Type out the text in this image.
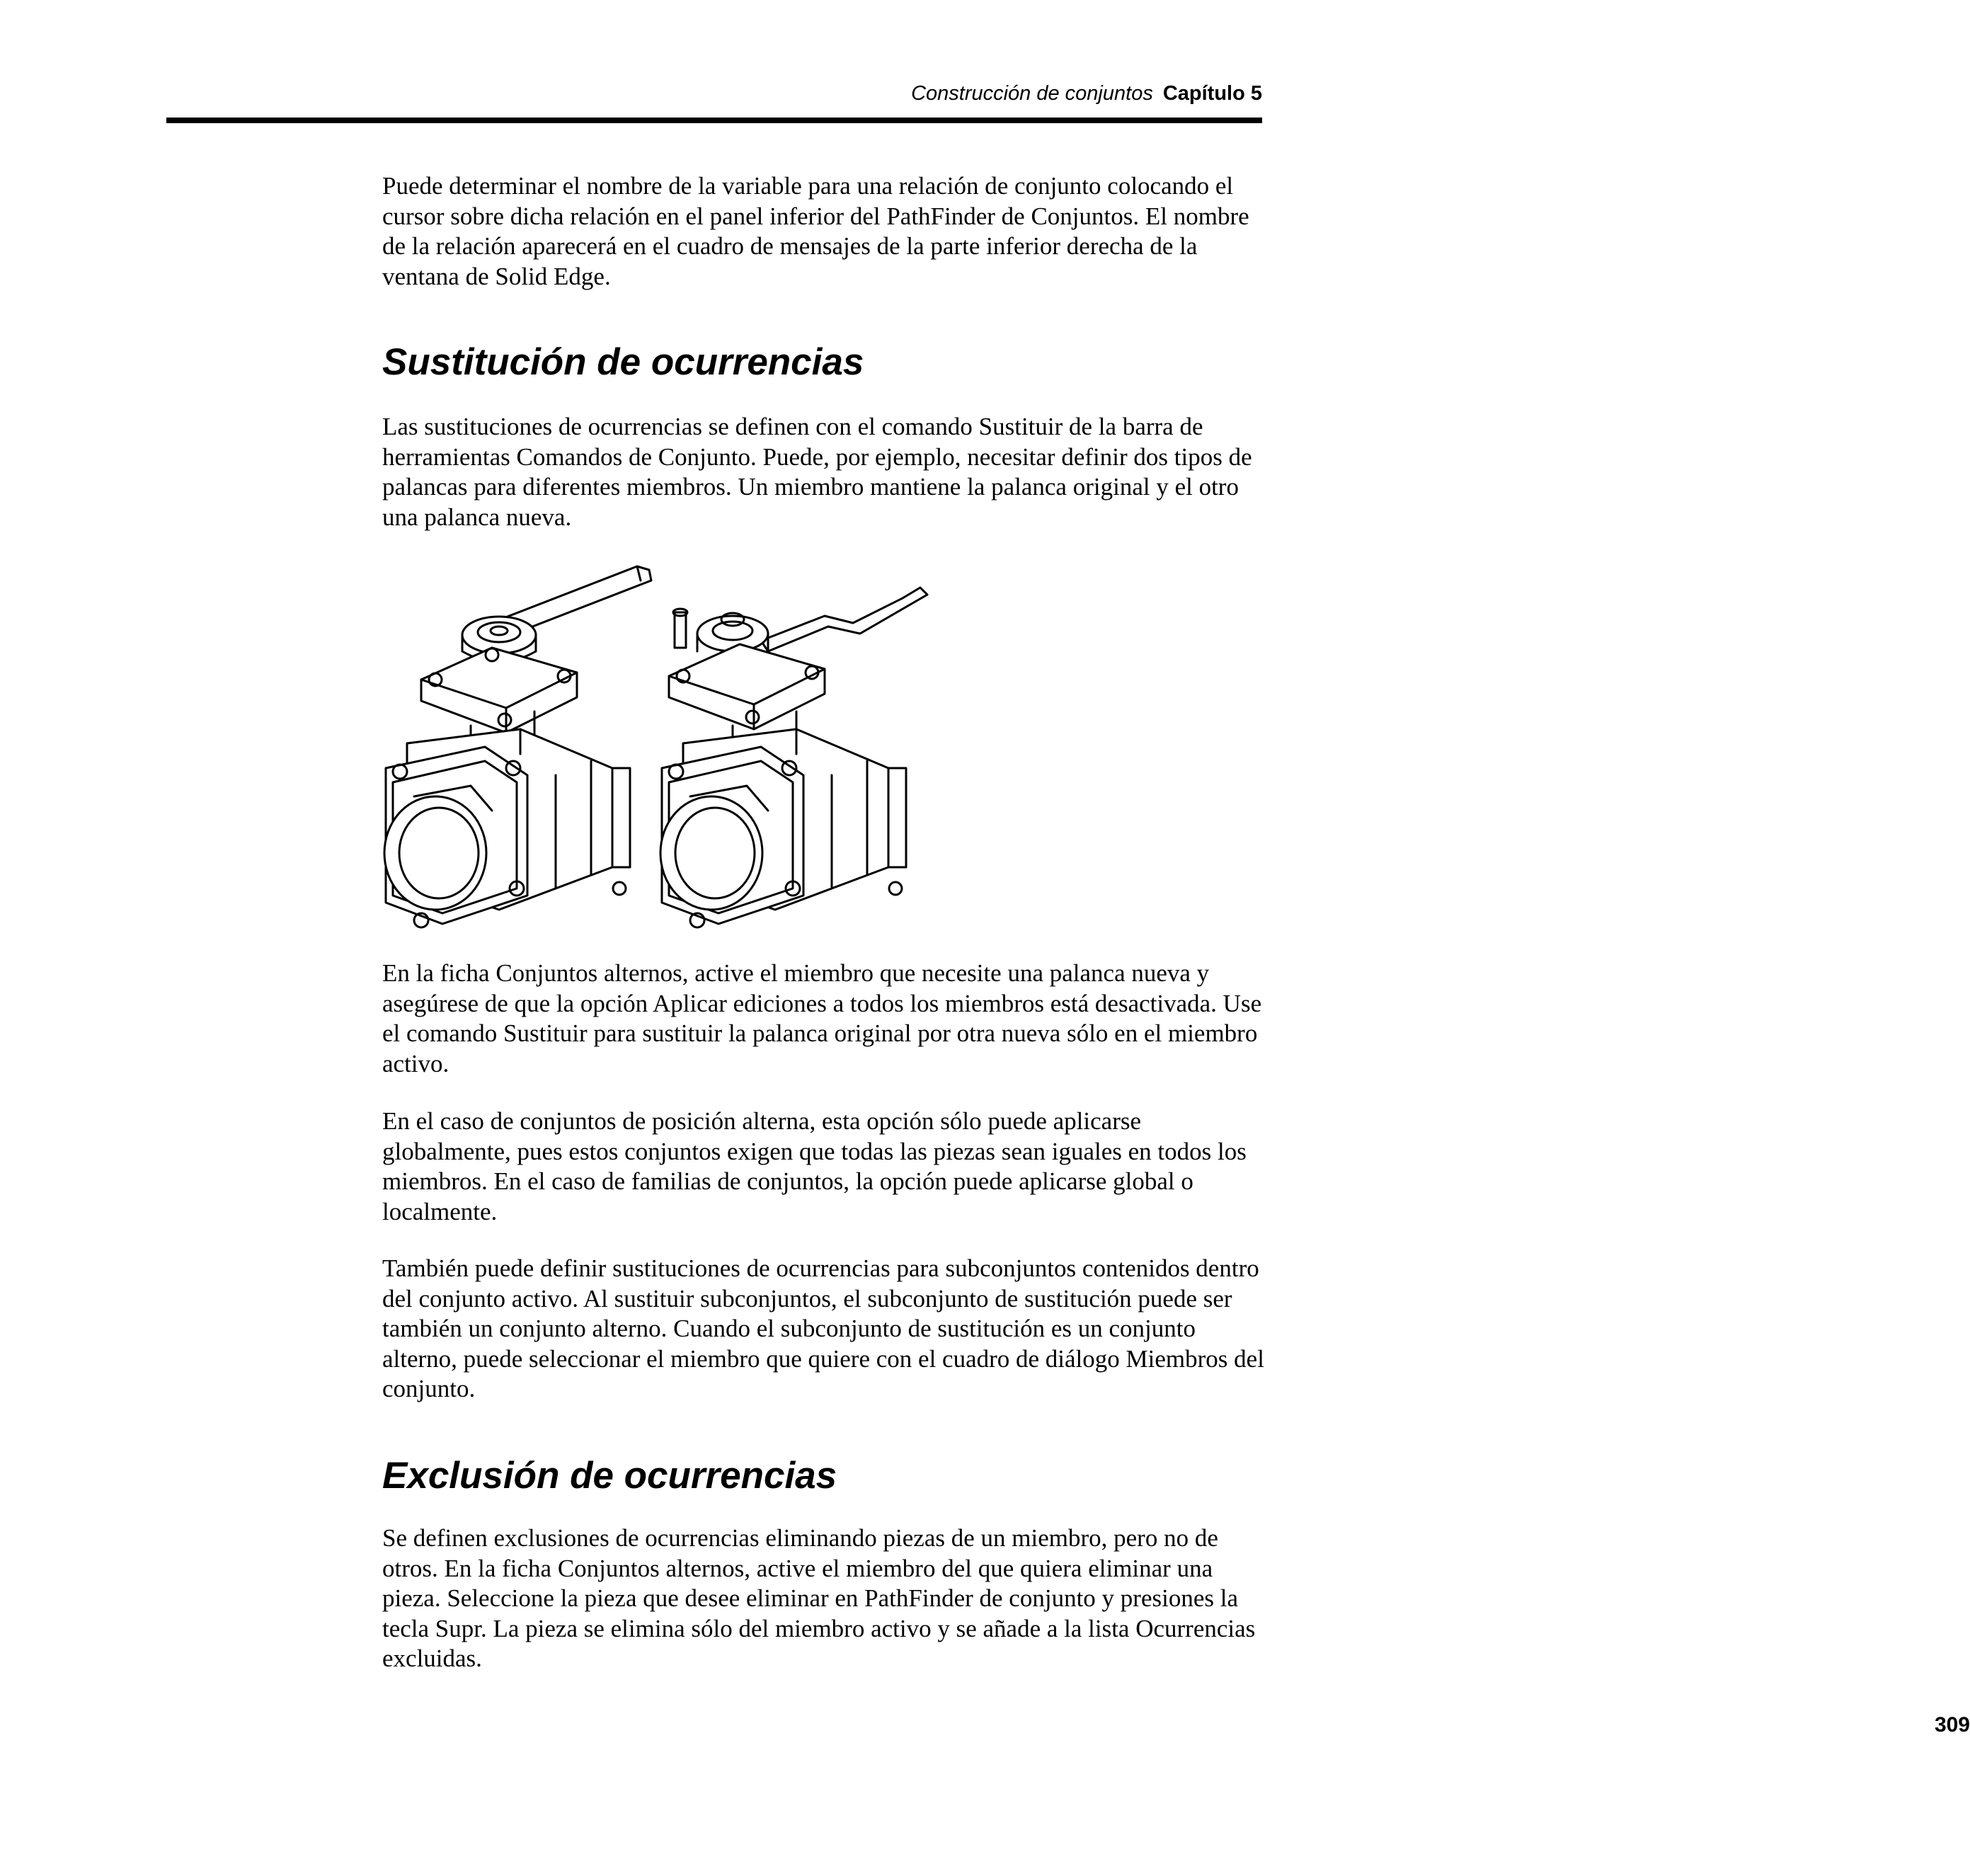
Construcción de conjuntos Capítulo 5

Puede determinar el nombre de la variable para una relación de conjunto colocando el cursor sobre dicha relación en el panel inferior del PathFinder de Conjuntos. El nombre de la relación aparecerá en el cuadro de mensajes de la parte inferior derecha de la ventana de Solid Edge.

Sustitución de ocurrencias

Las sustituciones de ocurrencias se definen con el comando Sustituir de la barra de herramientas Comandos de Conjunto. Puede, por ejemplo, necesitar definir dos tipos de palancas para diferentes miembros. Un miembro mantiene la palanca original y el otro una palanca nueva.

En la ficha Conjuntos alternos, active el miembro que necesite una palanca nueva y asegúrese de que la opción Aplicar ediciones a todos los miembros está desactivada. Use el comando Sustituir para sustituir la palanca original por otra nueva sólo en el miembro activo.

En el caso de conjuntos de posición alterna, esta opción sólo puede aplicarse globalmente, pues estos conjuntos exigen que todas las piezas sean iguales en todos los miembros. En el caso de familias de conjuntos, la opción puede aplicarse global o localmente.

También puede definir sustituciones de ocurrencias para subconjuntos contenidos dentro del conjunto activo. Al sustituir subconjuntos, el subconjunto de sustitución puede ser también un conjunto alterno. Cuando el subconjunto de sustitución es un conjunto alterno, puede seleccionar el miembro que quiere con el cuadro de diálogo Miembros del conjunto.

Exclusión de ocurrencias

Se definen exclusiones de ocurrencias eliminando piezas de un miembro, pero no de otros. En la ficha Conjuntos alternos, active el miembro del que quiera eliminar una pieza. Seleccione la pieza que desee eliminar en PathFinder de conjunto y presiones la tecla Supr. La pieza se elimina sólo del miembro activo y se añade a la lista Ocurrencias excluidas.

309
